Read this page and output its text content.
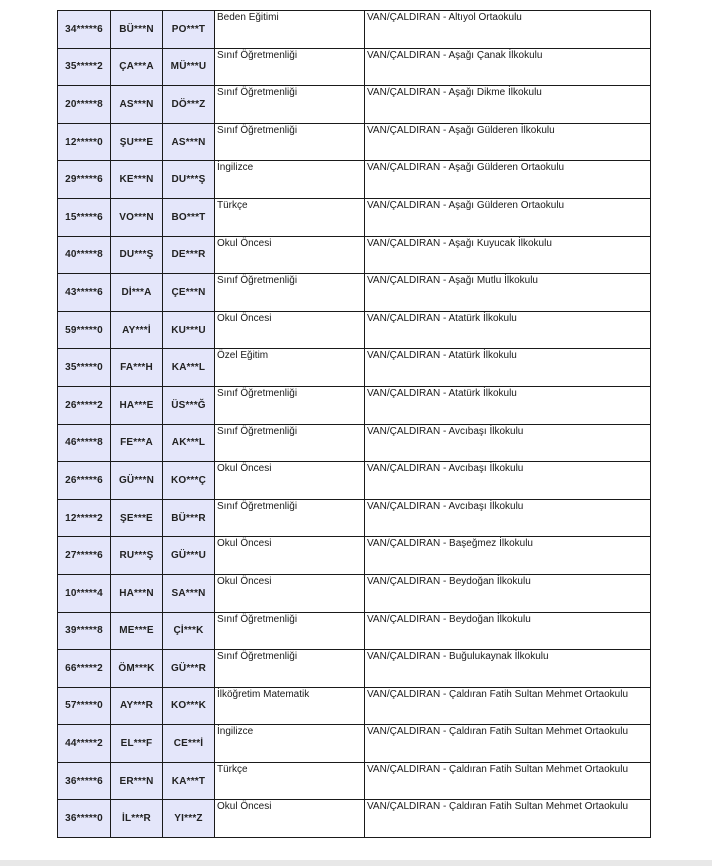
34*****6	BÜ***N	PO***T	Beden Eğitimi	VAN/ÇALDIRAN - Altıyol Ortaokulu
35*****2	ÇA***A	MÜ***U	Sınıf Öğretmenliği	VAN/ÇALDIRAN - Aşağı Çanak İlkokulu
20*****8	AS***N	DÖ***Z	Sınıf Öğretmenliği	VAN/ÇALDIRAN - Aşağı Dikme İlkokulu
12*****0	ŞU***E	AS***N	Sınıf Öğretmenliği	VAN/ÇALDIRAN - Aşağı Gülderen İlkokulu
29*****6	KE***N	DU***Ş	İngilizce	VAN/ÇALDIRAN - Aşağı Gülderen Ortaokulu
15*****6	VO***N	BO***T	Türkçe	VAN/ÇALDIRAN - Aşağı Gülderen Ortaokulu
40*****8	DU***Ş	DE***R	Okul Öncesi	VAN/ÇALDIRAN - Aşağı Kuyucak İlkokulu
43*****6	Dİ***A	ÇE***N	Sınıf Öğretmenliği	VAN/ÇALDIRAN - Aşağı Mutlu İlkokulu
59*****0	AY***İ	KU***U	Okul Öncesi	VAN/ÇALDIRAN - Atatürk İlkokulu
35*****0	FA***H	KA***L	Özel Eğitim	VAN/ÇALDIRAN - Atatürk İlkokulu
26*****2	HA***E	ÜS***Ğ	Sınıf Öğretmenliği	VAN/ÇALDIRAN - Atatürk İlkokulu
46*****8	FE***A	AK***L	Sınıf Öğretmenliği	VAN/ÇALDIRAN - Avcıbaşı İlkokulu
26*****6	GÜ***N	KO***Ç	Okul Öncesi	VAN/ÇALDIRAN - Avcıbaşı İlkokulu
12*****2	ŞE***E	BÜ***R	Sınıf Öğretmenliği	VAN/ÇALDIRAN - Avcıbaşı İlkokulu
27*****6	RU***Ş	GÜ***U	Okul Öncesi	VAN/ÇALDIRAN - Başeğmez İlkokulu
10*****4	HA***N	SA***N	Okul Öncesi	VAN/ÇALDIRAN - Beydoğan İlkokulu
39*****8	ME***E	Çİ***K	Sınıf Öğretmenliği	VAN/ÇALDIRAN - Beydoğan İlkokulu
66*****2	ÖM***K	GÜ***R	Sınıf Öğretmenliği	VAN/ÇALDIRAN - Buğulukaynak İlkokulu
57*****0	AY***R	KO***K	İlköğretim Matematik	VAN/ÇALDIRAN - Çaldıran Fatih Sultan Mehmet Ortaokulu
44*****2	EL***F	CE***İ	İngilizce	VAN/ÇALDIRAN - Çaldıran Fatih Sultan Mehmet Ortaokulu
36*****6	ER***N	KA***T	Türkçe	VAN/ÇALDIRAN - Çaldıran Fatih Sultan Mehmet Ortaokulu
36*****0	İL***R	YI***Z	Okul Öncesi	VAN/ÇALDIRAN - Çaldıran Fatih Sultan Mehmet Ortaokulu
